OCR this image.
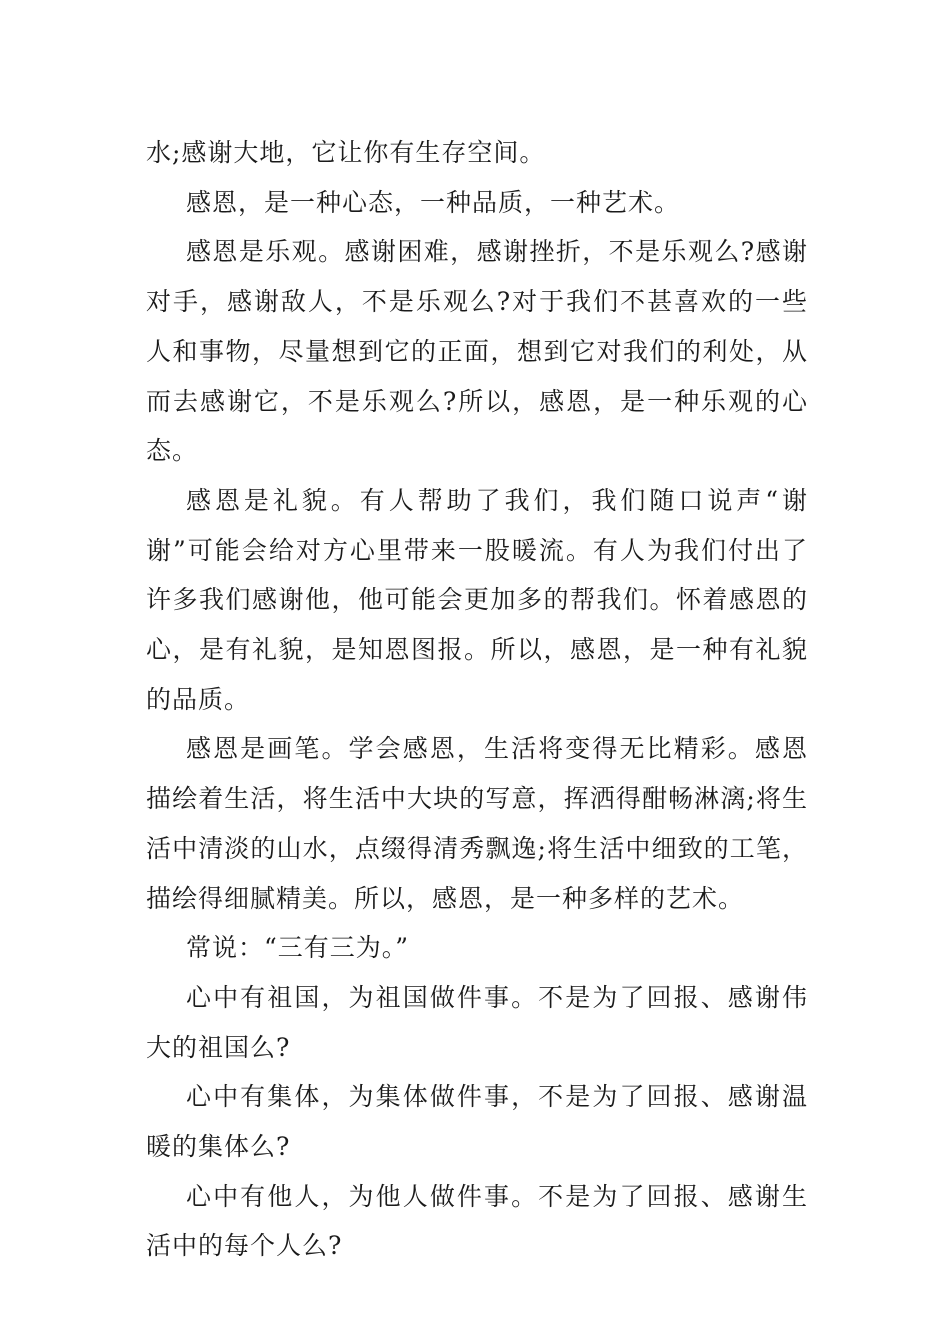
水;感谢大地，它让你有生存空间。

感恩，是一种心态，一种品质，一种艺术。

感恩是乐观。感谢困难，感谢挫折，不是乐观么?感谢对手，感谢敌人，不是乐观么?对于我们不甚喜欢的一些人和事物，尽量想到它的正面，想到它对我们的利处，从而去感谢它，不是乐观么?所以，感恩，是一种乐观的心态。

感恩是礼貌。有人帮助了我们，我们随口说声“谢谢”可能会给对方心里带来一股暖流。有人为我们付出了许多我们感谢他，他可能会更加多的帮我们。怀着感恩的心，是有礼貌，是知恩图报。所以，感恩，是一种有礼貌的品质。

感恩是画笔。学会感恩，生活将变得无比精彩。感恩描绘着生活，将生活中大块的写意，挥洒得酣畅淋漓;将生活中清淡的山水，点缀得清秀飘逸;将生活中细致的工笔，描绘得细腻精美。所以，感恩，是一种多样的艺术。

常说：“三有三为。”

心中有祖国，为祖国做件事。不是为了回报、感谢伟大的祖国么?

心中有集体，为集体做件事，不是为了回报、感谢温暖的集体么?

心中有他人，为他人做件事。不是为了回报、感谢生活中的每个人么?
